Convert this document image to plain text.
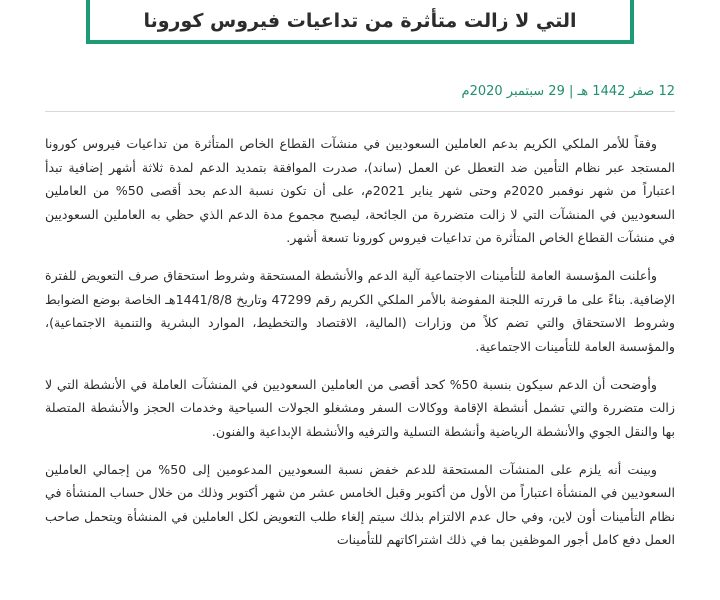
التي لا زالت متأثرة من تداعيات فيروس كورونا
12 صفر 1442 هـ | 29 سبتمبر 2020م

وفقاً للأمر الملكي الكريم بدعم العاملين السعوديين في منشآت القطاع الخاص المتأثرة من تداعيات فيروس كورونا المستجد عبر نظام التأمين ضد التعطل عن العمل (ساند)، صدرت الموافقة بتمديد الدعم لمدة ثلاثة أشهر إضافية تبدأ اعتباراً من شهر نوفمبر 2020م وحتى شهر يناير 2021م، على أن تكون نسبة الدعم بحد أقصى 50% من العاملين السعوديين في المنشآت التي لا زالت متضررة من الجائحة، ليصبح مجموع مدة الدعم الذي حظي به العاملين السعوديين في منشآت القطاع الخاص المتأثرة من تداعيات فيروس كورونا تسعة أشهر.

وأعلنت المؤسسة العامة للتأمينات الاجتماعية آلية الدعم والأنشطة المستحقة وشروط استحقاق صرف التعويض للفترة الإضافية. بناءً على ما قررته اللجنة المفوضة بالأمر الملكي الكريم رقم 47299 وتاريخ 1441/8/8هـ الخاصة بوضع الضوابط وشروط الاستحقاق والتي تضم كلاً من وزارات (المالية، الاقتصاد والتخطيط، الموارد البشرية والتنمية الاجتماعية)، والمؤسسة العامة للتأمينات الاجتماعية.

وأوضحت أن الدعم سيكون بنسبة 50% كحد أقصى من العاملين السعوديين في المنشآت العاملة في الأنشطة التي لا زالت متضررة والتي تشمل أنشطة الإقامة ووكالات السفر ومشغلو الجولات السياحية وخدمات الحجز والأنشطة المتصلة بها والنقل الجوي والأنشطة الرياضية وأنشطة التسلية والترفيه والأنشطة الإبداعية والفنون.

وبينت أنه يلزم على المنشآت المستحقة للدعم خفض نسبة السعوديين المدعومين إلى 50% من إجمالي العاملين السعوديين في المنشأة اعتباراً من الأول من أكتوبر وقبل الخامس عشر من شهر أكتوبر وذلك من خلال حساب المنشأة في نظام التأمينات أون لاين، وفي حال عدم الالتزام بذلك سيتم إلغاء طلب التعويض لكل العاملين في المنشأة ويتحمل صاحب العمل دفع كامل أجور الموظفين بما في ذلك اشتراكاتهم للتأمينات
